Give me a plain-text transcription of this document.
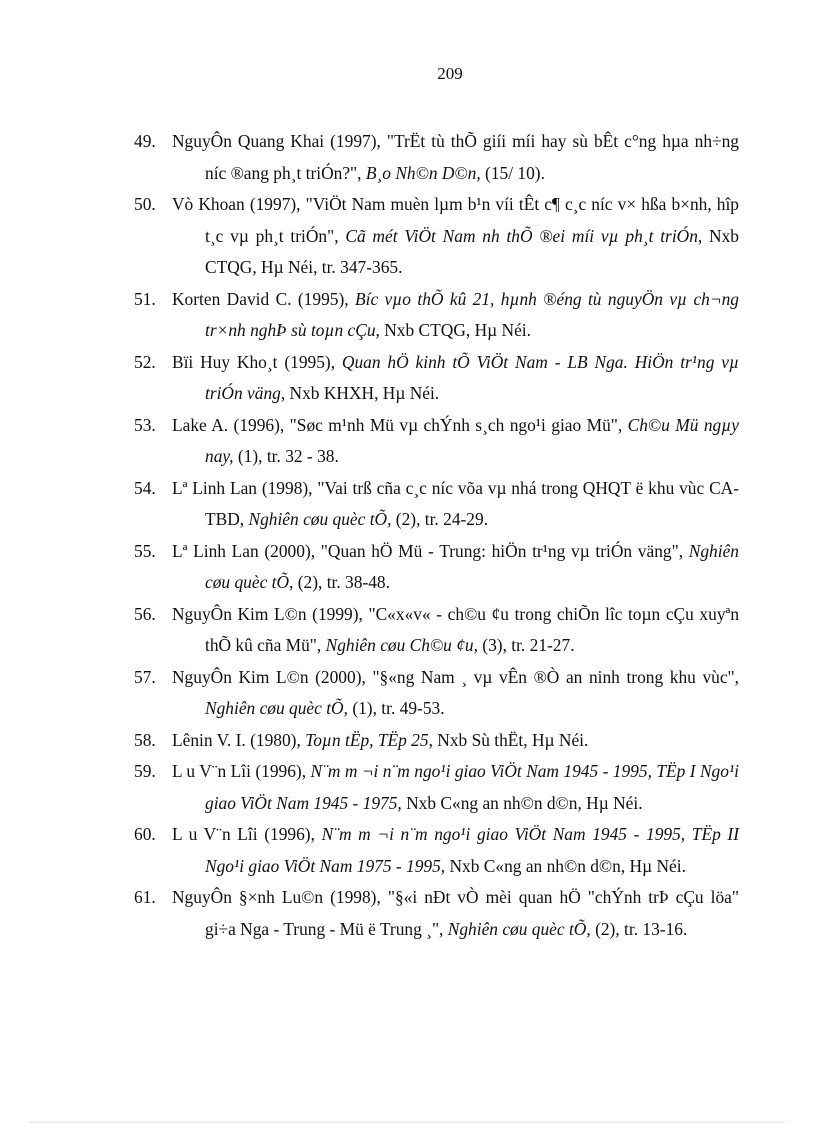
209
49. NguyÔn Quang Khai (1997), "TrËt tù thÕ giíi míi hay sù bÊt c°ng hµa nh÷ng níc ®ang ph¸t triÓn?", B¸o Nh©n D©n, (15/ 10).
50. Vò Khoan (1997), "ViÖt Nam muèn lµm b¹n víi tÊt c¶ c¸c níc v× hßa b×nh, hîp t¸c vµ ph¸t triÓn", Cã mét ViÖt Nam nh thÕ ®ei míi vµ ph¸t triÓn, Nxb CTQG, Hµ Néi, tr. 347-365.
51. Korten David C. (1995), Bíc vµo thÕ kû 21, hµnh ®éng tù nguyÖn vµ ch¬ng tr×nh nghÞ sù toµn cÇu, Nxb CTQG, Hµ Néi.
52. Bïi Huy Kho¸t (1995), Quan hÖ kinh tÕ ViÖt Nam - LB Nga. HiÖn tr¹ng vµ triÓn väng, Nxb KHXH, Hµ Néi.
53. Lake A. (1996), "Søc m¹nh Mü vµ chÝnh s¸ch ngo¹i giao Mü", Ch©u Mü ngµy nay, (1), tr. 32 - 38.
54. Lª Linh Lan (1998), "Vai trß cña c¸c níc võa vµ nhá trong QHQT ë khu vùc CA-TBD, Nghiên cøu quèc tÕ, (2), tr. 24-29.
55. Lª Linh Lan (2000), "Quan hÖ Mü - Trung: hiÖn tr¹ng vµ triÓn väng", Nghiên cøu quèc tÕ, (2), tr. 38-48.
56. NguyÔn Kim L©n (1999), "C«x«v« - ch©u ¢u trong chiÕn lîc toµn cÇu xuyªn thÕ kû cña Mü", Nghiên cøu Ch©u ¢u, (3), tr. 21-27.
57. NguyÔn Kim L©n (2000), "§«ng Nam ¸ vµ vÊn ®Ò an ninh trong khu vùc", Nghiên cøu quèc tÕ, (1), tr. 49-53.
58. Lênin V. I. (1980), Toµn tËp, TËp 25, Nxb Sù thËt, Hµ Néi.
59. L u V¨n Lîi (1996), N¨m m ¬i n¨m ngo¹i giao ViÖt Nam 1945 - 1995, TËp I Ngo¹i giao ViÖt Nam 1945 - 1975, Nxb C«ng an nh©n d©n, Hµ Néi.
60. L u V¨n Lîi (1996), N¨m m ¬i n¨m ngo¹i giao ViÖt Nam 1945 - 1995, TËp II Ngo¹i giao ViÖt Nam 1975 - 1995, Nxb C«ng an nh©n d©n, Hµ Néi.
61. NguyÔn §×nh Lu©n (1998), "§«i nÐt vÒ mèi quan hÖ "chÝnh trÞ cÇu löa" gi÷a Nga - Trung - Mü ë Trung ¸", Nghiên cøu quèc tÕ, (2), tr. 13-16.
